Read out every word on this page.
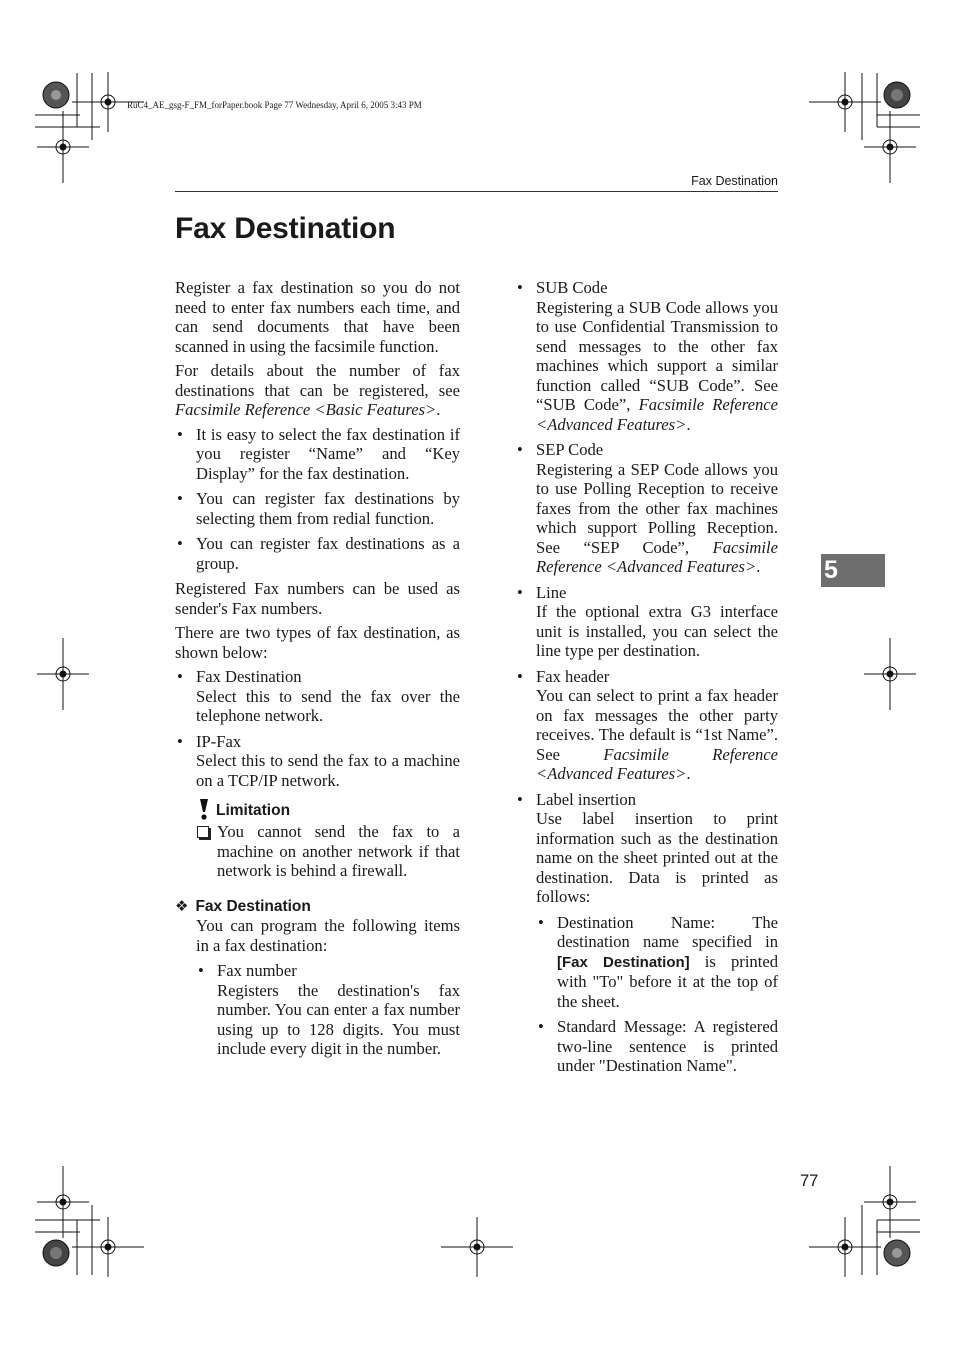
RuC4_AE_gsg-F_FM_forPaper.book Page 77 Wednesday, April 6, 2005 3:43 PM
Fax Destination
Fax Destination
5

Register a fax destination so you do not need to enter fax numbers each time, and can send documents that have been scanned in using the facsimile function.

For details about the number of fax destinations that can be registered, see Facsimile Reference <Basic Features>.

• It is easy to select the fax destination if you register “Name” and “Key Display” for the fax destination.
• You can register fax destinations by selecting them from redial function.
• You can register fax destinations as a group.

Registered Fax numbers can be used as sender's Fax numbers.

There are two types of fax destination, as shown below:

• Fax Destination
Select this to send the fax over the telephone network.
• IP-Fax
Select this to send the fax to a machine on a TCP/IP network.
Limitation
You cannot send the fax to a machine on another network if that network is behind a firewall.
❖ Fax Destination

You can program the following items in a fax destination:

• Fax number
Registers the destination's fax number. You can enter a fax number using up to 128 digits. You must include every digit in the number.
• SUB Code
Registering a SUB Code allows you to use Confidential Transmission to send messages to the other fax machines which support a similar function called “SUB Code”. See “SUB Code”, Facsimile Reference <Advanced Features>.
• SEP Code
Registering a SEP Code allows you to use Polling Reception to receive faxes from the other fax machines which support Polling Reception. See “SEP Code”, Facsimile Reference <Advanced Features>.
• Line
If the optional extra G3 interface unit is installed, you can select the line type per destination.
• Fax header
You can select to print a fax header on fax messages the other party receives. The default is “1st Name”. See Facsimile Reference <Advanced Features>.
• Label insertion
Use label insertion to print information such as the destination name on the sheet printed out at the destination. Data is printed as follows:
• Destination Name: The destination name specified in [Fax Destination] is printed with "To" before it at the top of the sheet.
• Standard Message: A registered two-line sentence is printed under "Destination Name".
77
